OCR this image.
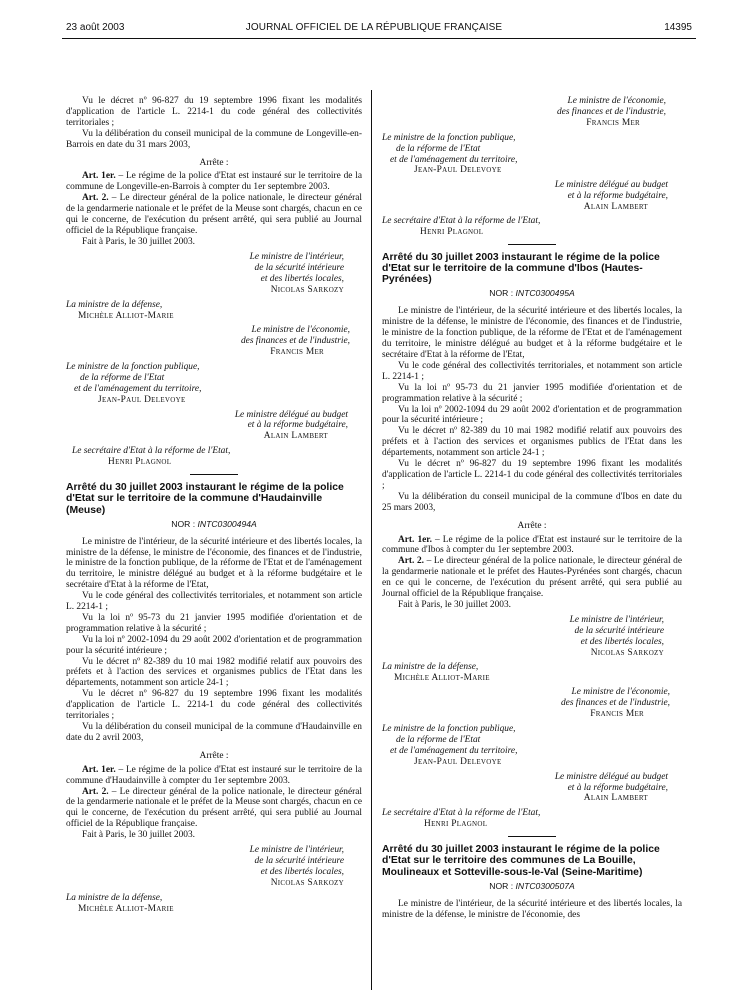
23 août 2003	JOURNAL OFFICIEL DE LA RÉPUBLIQUE FRANÇAISE	14395

Vu le décret nº 96-827 du 19 septembre 1996 fixant les modalités d'application de l'article L. 2214-1 du code général des collectivités territoriales ;

Vu la délibération du conseil municipal de la commune de Longeville-en-Barrois en date du 31 mars 2003,

Arrête :

Art. 1er. – Le régime de la police d'Etat est instauré sur le territoire de la commune de Longeville-en-Barrois à compter du 1er septembre 2003.

Art. 2. – Le directeur général de la police nationale, le directeur général de la gendarmerie nationale et le préfet de la Meuse sont chargés, chacun en ce qui le concerne, de l'exécution du présent arrêté, qui sera publié au Journal officiel de la République française.

Fait à Paris, le 30 juillet 2003.

Le ministre de l'intérieur,
de la sécurité intérieure
et des libertés locales,
Nicolas Sarkozy
La ministre de la défense,
Michèle Alliot-Marie
Le ministre de l'économie,
des finances et de l'industrie,
Francis Mer
Le ministre de la fonction publique,
de la réforme de l'Etat
et de l'aménagement du territoire,
Jean-Paul Delevoye
Le ministre délégué au budget
et à la réforme budgétaire,
Alain Lambert
Le secrétaire d'Etat à la réforme de l'Etat,
Henri Plagnol

Arrêté du 30 juillet 2003 instaurant le régime de la police d'Etat sur le territoire de la commune d'Haudainville (Meuse)

NOR : INTC0300494A

Le ministre de l'intérieur, de la sécurité intérieure et des libertés locales, la ministre de la défense, le ministre de l'économie, des finances et de l'industrie, le ministre de la fonction publique, de la réforme de l'Etat et de l'aménagement du territoire, le ministre délégué au budget et à la réforme budgétaire et le secrétaire d'Etat à la réforme de l'Etat,

Vu le code général des collectivités territoriales, et notamment son article L. 2214-1 ;

Vu la loi nº 95-73 du 21 janvier 1995 modifiée d'orientation et de programmation relative à la sécurité ;

Vu la loi nº 2002-1094 du 29 août 2002 d'orientation et de programmation pour la sécurité intérieure ;

Vu le décret nº 82-389 du 10 mai 1982 modifié relatif aux pouvoirs des préfets et à l'action des services et organismes publics de l'Etat dans les départements, notamment son article 24-1 ;

Vu le décret nº 96-827 du 19 septembre 1996 fixant les modalités d'application de l'article L. 2214-1 du code général des collectivités territoriales ;

Vu la délibération du conseil municipal de la commune d'Haudainville en date du 2 avril 2003,

Arrête :

Art. 1er. – Le régime de la police d'Etat est instauré sur le territoire de la commune d'Haudainville à compter du 1er septembre 2003.

Art. 2. – Le directeur général de la police nationale, le directeur général de la gendarmerie nationale et le préfet de la Meuse sont chargés, chacun en ce qui le concerne, de l'exécution du présent arrêté, qui sera publié au Journal officiel de la République française.

Fait à Paris, le 30 juillet 2003.

Le ministre de l'intérieur,
de la sécurité intérieure
et des libertés locales,
Nicolas Sarkozy
La ministre de la défense,
Michèle Alliot-Marie
Le ministre de l'économie,
des finances et de l'industrie,
Francis Mer
Le ministre de la fonction publique,
de la réforme de l'Etat
et de l'aménagement du territoire,
Jean-Paul Delevoye
Le ministre délégué au budget
et à la réforme budgétaire,
Alain Lambert
Le secrétaire d'Etat à la réforme de l'Etat,
Henri Plagnol

Arrêté du 30 juillet 2003 instaurant le régime de la police d'Etat sur le territoire de la commune d'Ibos (Hautes-Pyrénées)

NOR : INTC0300495A

Le ministre de l'intérieur, de la sécurité intérieure et des libertés locales, la ministre de la défense, le ministre de l'économie, des finances et de l'industrie, le ministre de la fonction publique, de la réforme de l'Etat et de l'aménagement du territoire, le ministre délégué au budget et à la réforme budgétaire et le secrétaire d'Etat à la réforme de l'Etat,

Vu le code général des collectivités territoriales, et notamment son article L. 2214-1 ;

Vu la loi nº 95-73 du 21 janvier 1995 modifiée d'orientation et de programmation relative à la sécurité ;

Vu la loi nº 2002-1094 du 29 août 2002 d'orientation et de programmation pour la sécurité intérieure ;

Vu le décret nº 82-389 du 10 mai 1982 modifié relatif aux pouvoirs des préfets et à l'action des services et organismes publics de l'Etat dans les départements, notamment son article 24-1 ;

Vu le décret nº 96-827 du 19 septembre 1996 fixant les modalités d'application de l'article L. 2214-1 du code général des collectivités territoriales ;

Vu la délibération du conseil municipal de la commune d'Ibos en date du 25 mars 2003,

Arrête :

Art. 1er. – Le régime de la police d'Etat est instauré sur le territoire de la commune d'Ibos à compter du 1er septembre 2003.

Art. 2. – Le directeur général de la police nationale, le directeur général de la gendarmerie nationale et le préfet des Hautes-Pyrénées sont chargés, chacun en ce qui le concerne, de l'exécution du présent arrêté, qui sera publié au Journal officiel de la République française.

Fait à Paris, le 30 juillet 2003.

Le ministre de l'intérieur,
de la sécurité intérieure
et des libertés locales,
Nicolas Sarkozy
La ministre de la défense,
Michèle Alliot-Marie
Le ministre de l'économie,
des finances et de l'industrie,
Francis Mer
Le ministre de la fonction publique,
de la réforme de l'Etat
et de l'aménagement du territoire,
Jean-Paul Delevoye
Le ministre délégué au budget
et à la réforme budgétaire,
Alain Lambert
Le secrétaire d'Etat à la réforme de l'Etat,
Henri Plagnol

Arrêté du 30 juillet 2003 instaurant le régime de la police d'Etat sur le territoire des communes de La Bouille, Moulineaux et Sotteville-sous-le-Val (Seine-Maritime)

NOR : INTC0300507A

Le ministre de l'intérieur, de la sécurité intérieure et des libertés locales, la ministre de la défense, le ministre de l'économie, des
